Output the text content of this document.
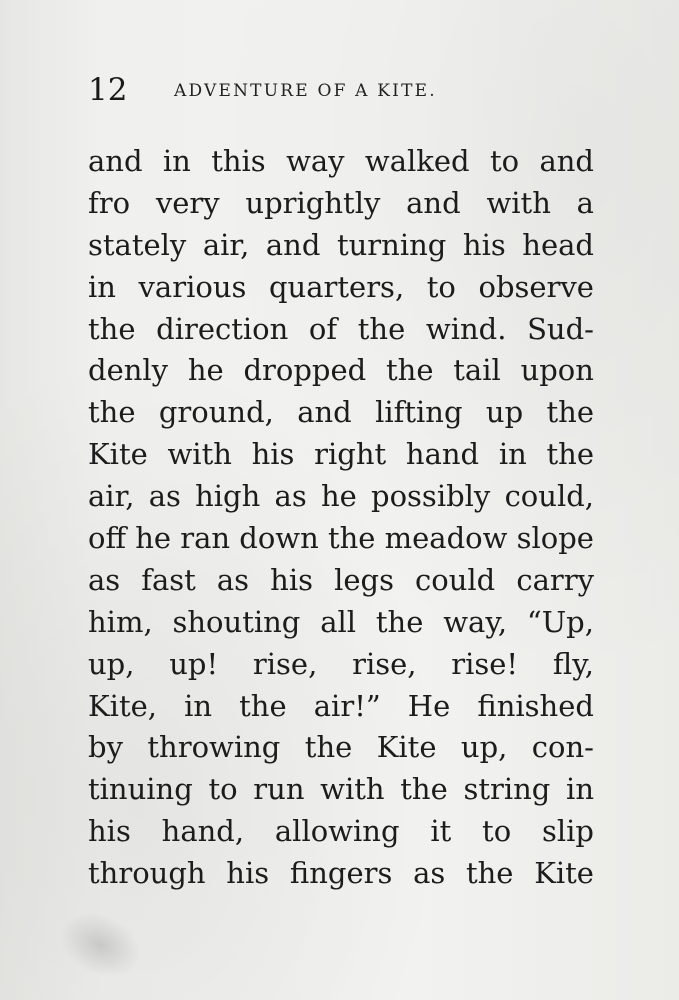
12	ADVENTURE OF A KITE.
and in this way walked to and
fro very uprightly and with a
stately air, and turning his head
in various quarters, to observe
the direction of the wind. Sud-
denly he dropped the tail upon
the ground, and lifting up the
Kite with his right hand in the
air, as high as he possibly could,
off he ran down the meadow slope
as fast as his legs could carry
him, shouting all the way, “Up,
up, up! rise, rise, rise! fly,
Kite, in the air!” He finished
by throwing the Kite up, con-
tinuing to run with the string in
his hand, allowing it to slip
through his fingers as the Kite
